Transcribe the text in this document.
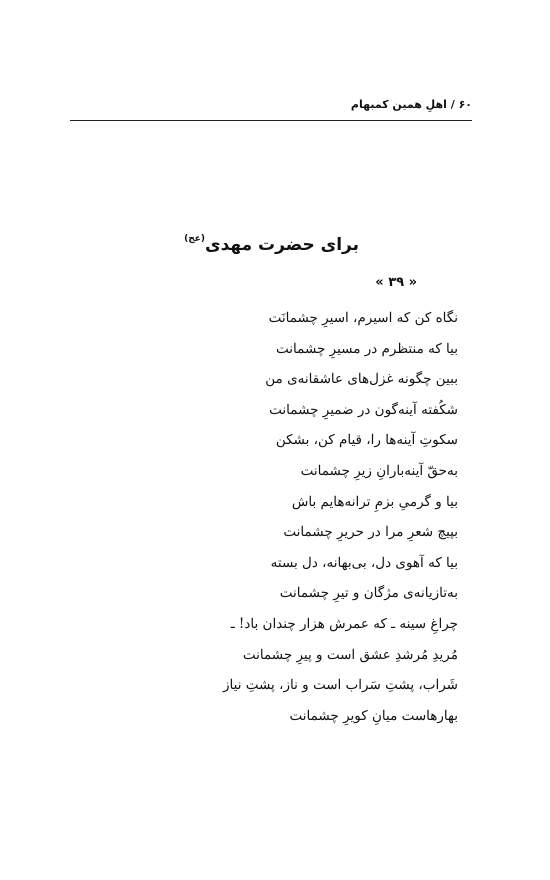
۶۰ / اهلِ همین کمبهام
برای حضرت مهدی$^{(عج)}$
« ۳۹ »
نگاه کن که اسیرم، اسیرِ چشمانَت
بیا که منتظرم در مسیرِ چشمانت
ببین چگونه غزل‌های عاشقانه‌ی من
شکُفته آینه‌گون در ضمیرِ چشمانت
سکوتِ آینه‌ها را، قیام کن، بشکن
به‌حقّ آینه‌بارانِ زیرِ چشمانت
بیا و گرمیِ بزمِ ترانه‌هایم باش
بپیچ شعرِ مرا در حریرِ چشمانت
بیا که آهوی دل، بی‌بهانه، دل بسته
به‌تازیانه‌ی مژگان و تیرِ چشمانت
چراغِ سینه ـ که عمرش هزار چندان باد! ـ
مُریدِ مُرشدِ عشق است و پیرِ چشمانت
شَراب، پشتِ سَراب است و ناز، پشتِ نیاز
بهارهاست میانِ کویرِ چشمانت
